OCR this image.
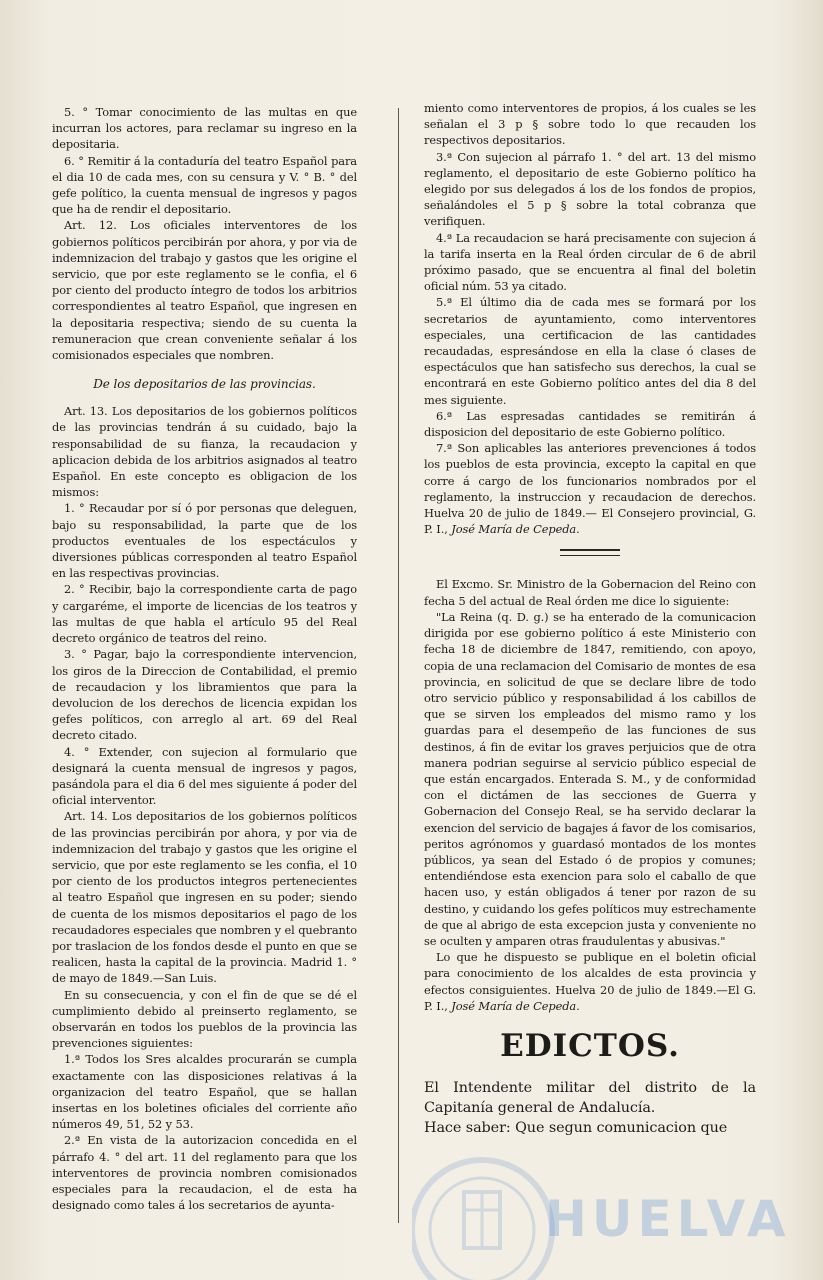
5. ° Tomar conocimiento de las multas en que incurran los actores, para reclamar su ingreso en la depositaria.

6. ° Remitir á la contaduría del teatro Español para el dia 10 de cada mes, con su censura y V. ° B. ° del gefe político, la cuenta mensual de ingresos y pagos que ha de rendir el depositario.

Art. 12. Los oficiales interventores de los gobiernos políticos percibirán por ahora, y por via de indemnizacion del trabajo y gastos que les origine el servicio, que por este reglamento se le confia, el 6 por ciento del producto íntegro de todos los arbitrios correspondientes al teatro Español, que ingresen en la depositaria respectiva; siendo de su cuenta la remuneracion que crean conveniente señalar á los comisionados especiales que nombren.

De los depositarios de las provincias.

Art. 13. Los depositarios de los gobiernos políticos de las provincias tendrán á su cuidado, bajo la responsabilidad de su fianza, la recaudacion y aplicacion debida de los arbitrios asignados al teatro Español. En este concepto es obligacion de los mismos:

1. ° Recaudar por sí ó por personas que deleguen, bajo su responsabilidad, la parte que de los productos eventuales de los espectáculos y diversiones públicas corresponden al teatro Español en las respectivas provincias.

2. ° Recibir, bajo la correspondiente carta de pago y cargaréme, el importe de licencias de los teatros y las multas de que habla el artículo 95 del Real decreto orgánico de teatros del reino.

3. ° Pagar, bajo la correspondiente intervencion, los giros de la Direccion de Contabilidad, el premio de recaudacion y los libramientos que para la devolucion de los derechos de licencia expidan los gefes políticos, con arreglo al art. 69 del Real decreto citado.

4. ° Extender, con sujecion al formulario que designará la cuenta mensual de ingresos y pagos, pasándola para el dia 6 del mes siguiente á poder del oficial interventor.

Art. 14. Los depositarios de los gobiernos políticos de las provincias percibirán por ahora, y por via de indemnizacion del trabajo y gastos que les origine el servicio, que por este reglamento se les confia, el 10 por ciento de los productos integros pertenecientes al teatro Español que ingresen en su poder; siendo de cuenta de los mismos depositarios el pago de los recaudadores especiales que nombren y el quebranto por traslacion de los fondos desde el punto en que se realicen, hasta la capital de la provincia. Madrid 1. ° de mayo de 1849.—San Luis.

En su consecuencia, y con el fin de que se dé el cumplimiento debido al preinserto reglamento, se observarán en todos los pueblos de la provincia las prevenciones siguientes:

1.ª Todos los Sres alcaldes procurarán se cumpla exactamente con las disposiciones relativas á la organizacion del teatro Español, que se hallan insertas en los boletines oficiales del corriente año números 49, 51, 52 y 53.

2.ª En vista de la autorizacion concedida en el párrafo 4. ° del art. 11 del reglamento para que los interventores de provincia nombren comisionados especiales para la recaudacion, el de esta ha designado como tales á los secretarios de ayunta-

miento como interventores de propios, á los cuales se les señalan el 3 p § sobre todo lo que recauden los respectivos depositarios.

3.ª Con sujecion al párrafo 1. ° del art. 13 del mismo reglamento, el depositario de este Gobierno político ha elegido por sus delegados á los de los fondos de propios, señalándoles el 5 p § sobre la total cobranza que verifiquen.

4.ª La recaudacion se hará precisamente con sujecion á la tarifa inserta en la Real órden circular de 6 de abril próximo pasado, que se encuentra al final del boletin oficial núm. 53 ya citado.

5.ª El último dia de cada mes se formará por los secretarios de ayuntamiento, como interventores especiales, una certificacion de las cantidades recaudadas, espresándose en ella la clase ó clases de espectáculos que han satisfecho sus derechos, la cual se encontrará en este Gobierno político antes del dia 8 del mes siguiente.

6.ª Las espresadas cantidades se remitirán á disposicion del depositario de este Gobierno político.

7.ª Son aplicables las anteriores prevenciones á todos los pueblos de esta provincia, excepto la capital en que corre á cargo de los funcionarios nombrados por el reglamento, la instruccion y recaudacion de derechos. Huelva 20 de julio de 1849.— El Consejero provincial, G. P. I., José María de Cepeda.

El Excmo. Sr. Ministro de la Gobernacion del Reino con fecha 5 del actual de Real órden me dice lo siguiente:

"La Reina (q. D. g.) se ha enterado de la comunicacion dirigida por ese gobierno político á este Ministerio con fecha 18 de diciembre de 1847, remitiendo, con apoyo, copia de una reclamacion del Comisario de montes de esa provincia, en solicitud de que se declare libre de todo otro servicio público y responsabilidad á los cabillos de que se sirven los empleados del mismo ramo y los guardas para el desempeño de las funciones de sus destinos, á fin de evitar los graves perjuicios que de otra manera podrian seguirse al servicio público especial de que están encargados. Enterada S. M., y de conformidad con el dictámen de las secciones de Guerra y Gobernacion del Consejo Real, se ha servido declarar la exencion del servicio de bagajes á favor de los comisarios, peritos agrónomos y guardasó montados de los montes públicos, ya sean del Estado ó de propios y comunes; entendiéndose esta exencion para solo el caballo de que hacen uso, y están obligados á tener por razon de su destino, y cuidando los gefes políticos muy estrechamente de que al abrigo de esta excepcion justa y conveniente no se oculten y amparen otras fraudulentas y abusivas."

Lo que he dispuesto se publique en el boletin oficial para conocimiento de los alcaldes de esta provincia y efectos consiguientes. Huelva 20 de julio de 1849.—El G. P. I., José María de Cepeda.

EDICTOS.

El Intendente militar del distrito de la Capitanía general de Andalucía.

Hace saber: Que segun comunicacion que

HUELVA
